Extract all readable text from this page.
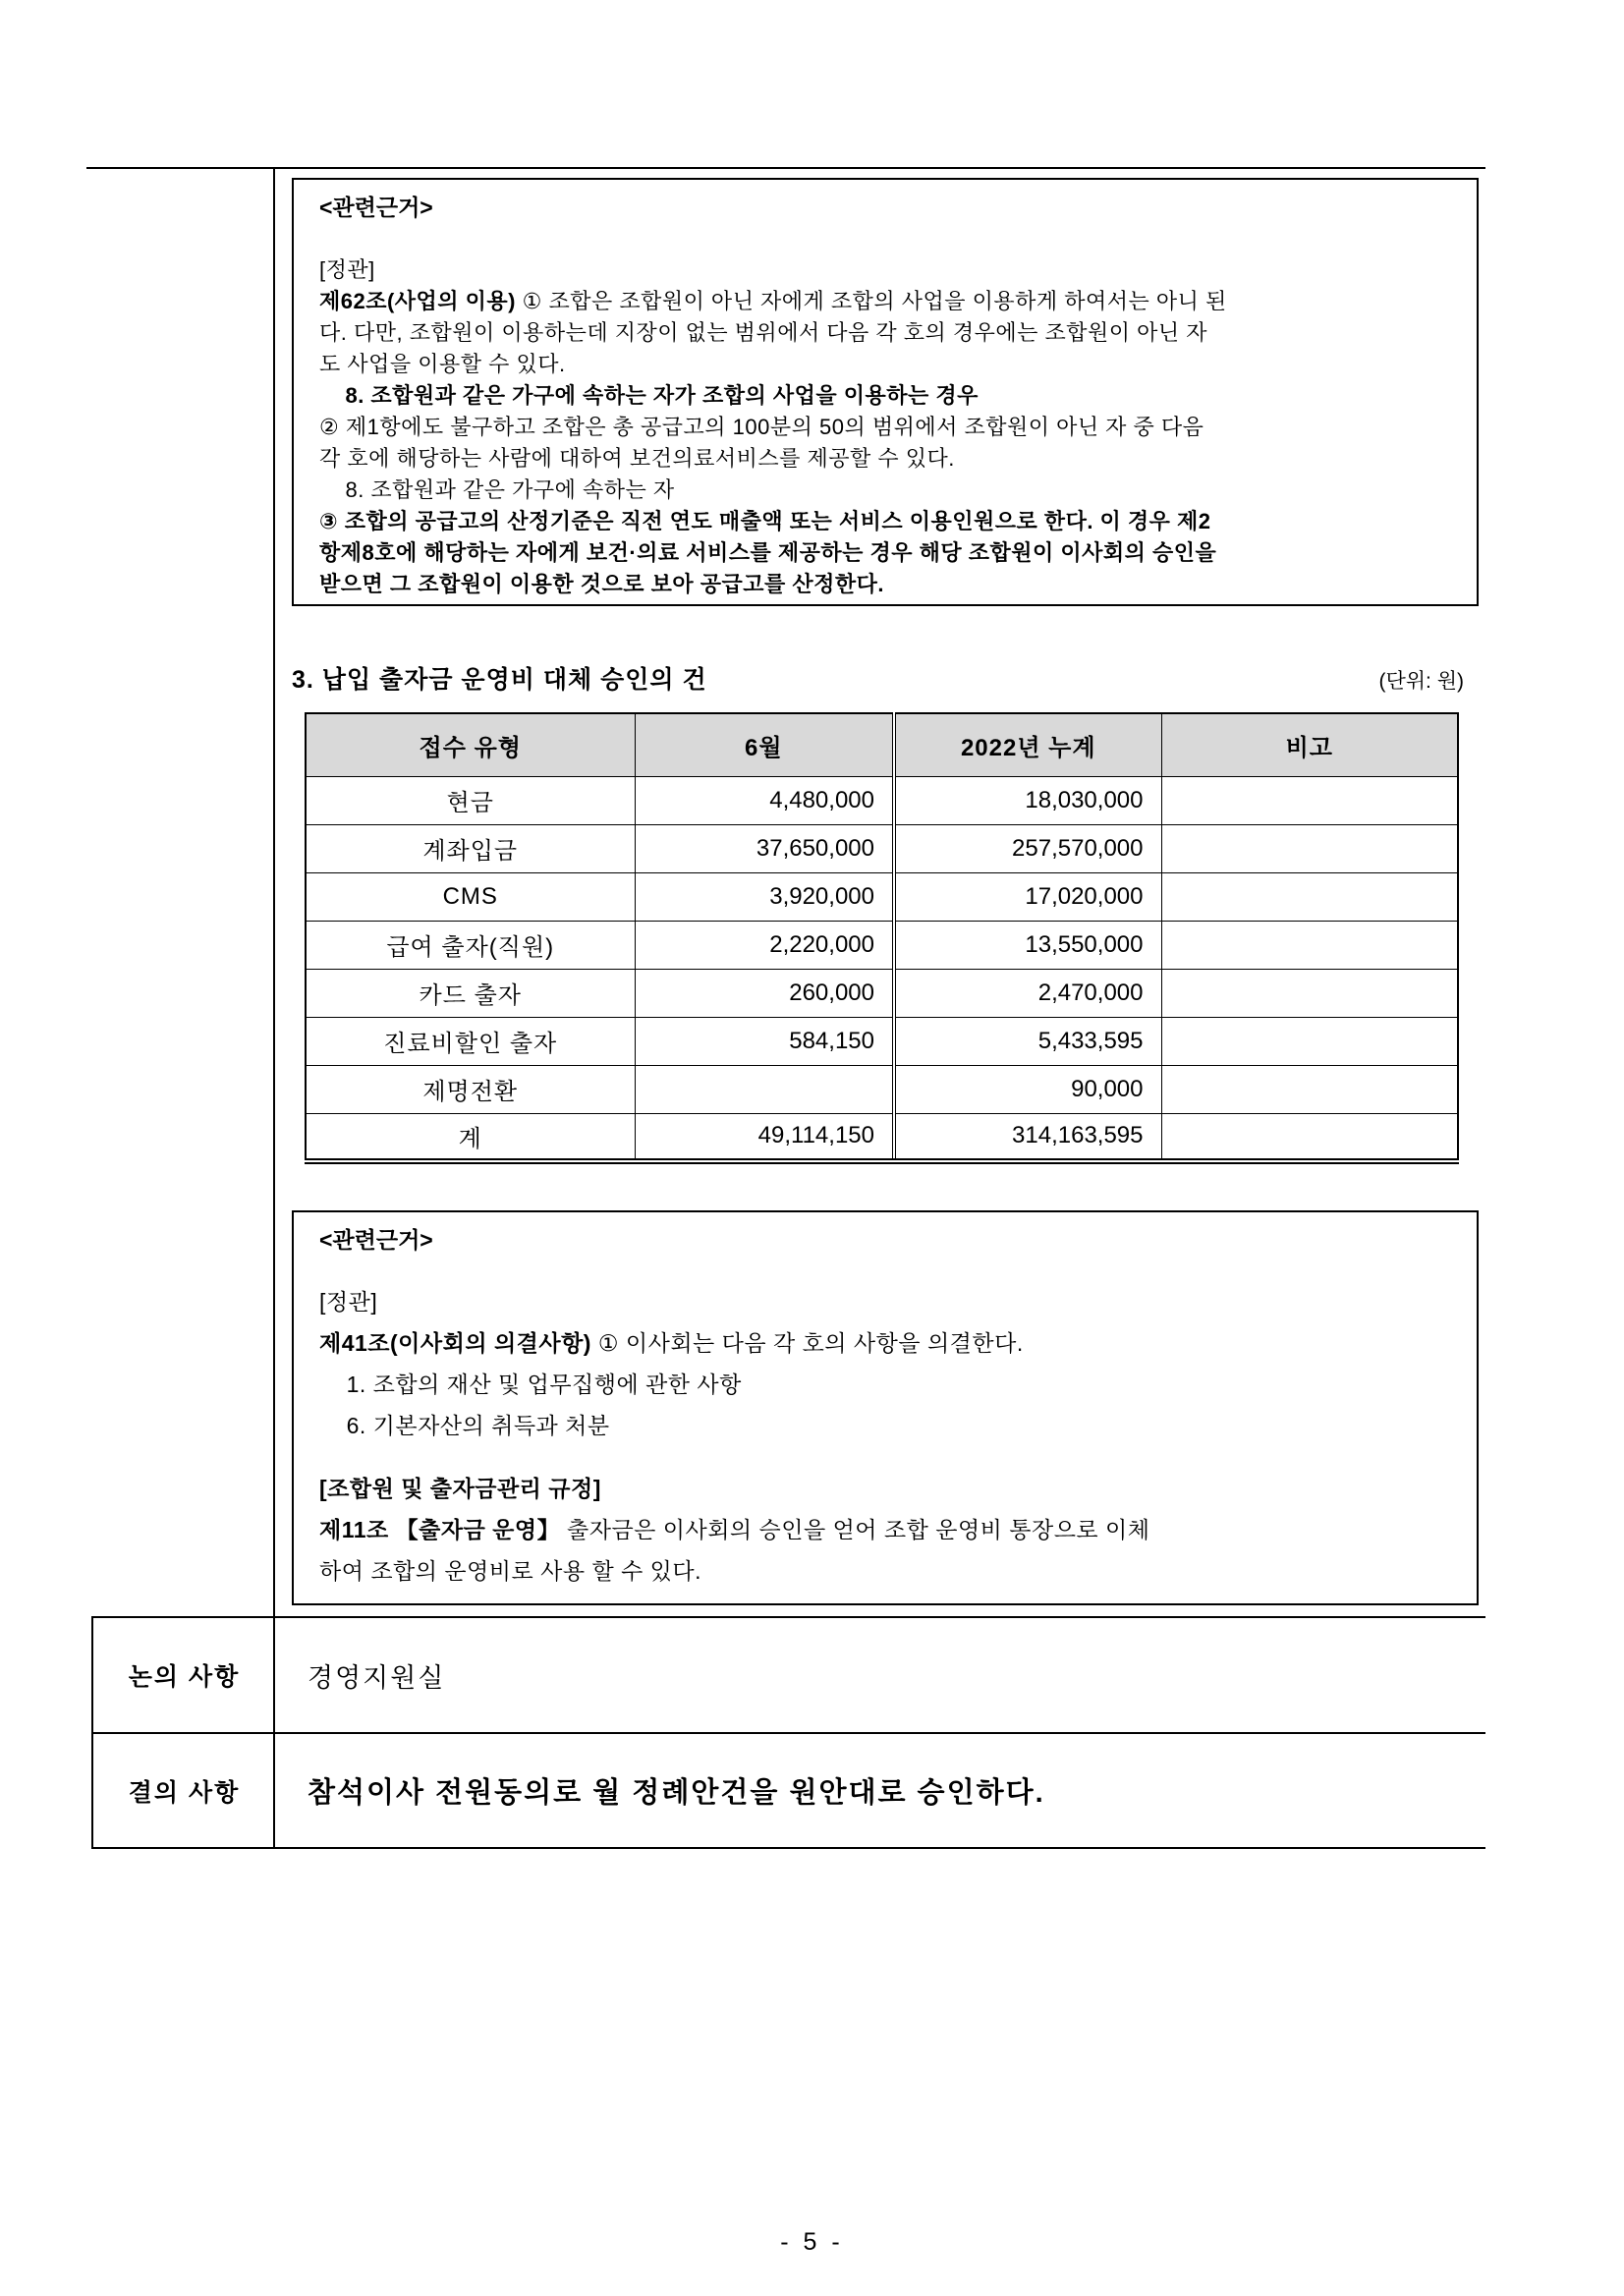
<관련근거>
[정관]
제62조(사업의 이용) ① 조합은 조합원이 아닌 자에게 조합의 사업을 이용하게 하여서는 아니 된
다. 다만, 조합원이 이용하는데 지장이 없는 범위에서 다음 각 호의 경우에는 조합원이 아닌 자
도 사업을 이용할 수 있다.
8. 조합원과 같은 가구에 속하는 자가 조합의 사업을 이용하는 경우
② 제1항에도 불구하고 조합은 총 공급고의 100분의 50의 범위에서 조합원이 아닌 자 중 다음
각 호에 해당하는 사람에 대하여 보건의료서비스를 제공할 수 있다.
8. 조합원과 같은 가구에 속하는 자
③ 조합의 공급고의 산정기준은 직전 연도 매출액 또는 서비스 이용인원으로 한다. 이 경우 제2
항제8호에 해당하는 자에게 보건·의료 서비스를 제공하는 경우 해당 조합원이 이사회의 승인을
받으면 그 조합원이 이용한 것으로 보아 공급고를 산정한다.
3. 납입 출자금 운영비 대체 승인의 건	(단위: 원)
접수 유형	6월	2022년 누계	비고
현금	4,480,000	18,030,000	
계좌입금	37,650,000	257,570,000	
CMS	3,920,000	17,020,000	
급여 출자(직원)	2,220,000	13,550,000	
카드 출자	260,000	2,470,000	
진료비할인 출자	584,150	5,433,595	
제명전환		90,000	
계	49,114,150	314,163,595	
<관련근거>
[정관]
제41조(이사회의 의결사항) ① 이사회는 다음 각 호의 사항을 의결한다.
1. 조합의 재산 및 업무집행에 관한 사항
6. 기본자산의 취득과 처분
[조합원 및 출자금관리 규정]
제11조 【출자금 운영】 출자금은 이사회의 승인을 얻어 조합 운영비 통장으로 이체
하여 조합의 운영비로 사용 할 수 있다.
논의 사항	경영지원실
결의 사항	참석이사 전원동의로 월 정례안건을 원안대로 승인하다.
- 5 -
